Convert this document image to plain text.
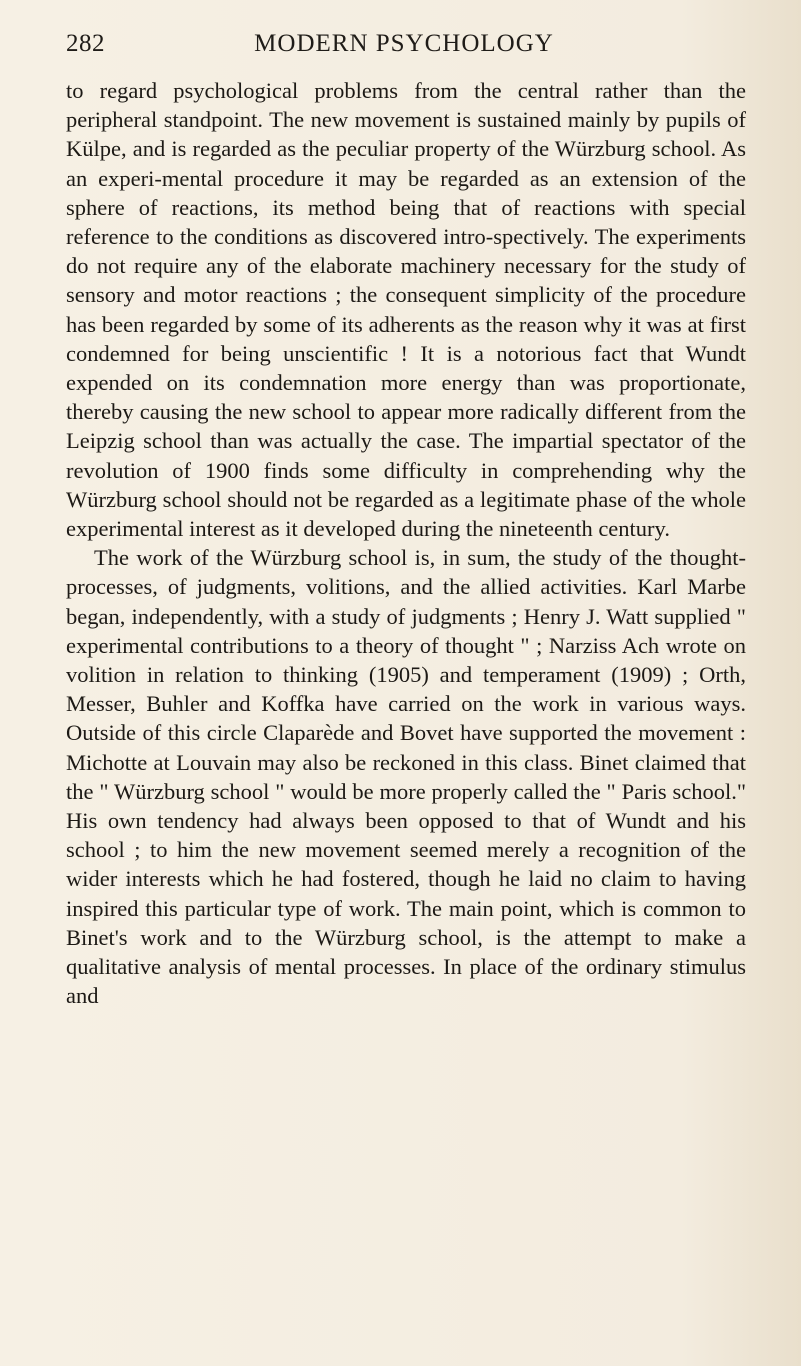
282	MODERN PSYCHOLOGY

to regard psychological problems from the central rather than the peripheral standpoint. The new movement is sustained mainly by pupils of Külpe, and is regarded as the peculiar property of the Würzburg school. As an experi-mental procedure it may be regarded as an extension of the sphere of reactions, its method being that of reactions with special reference to the conditions as discovered intro-spectively. The experiments do not require any of the elaborate machinery necessary for the study of sensory and motor reactions ; the consequent simplicity of the procedure has been regarded by some of its adherents as the reason why it was at first condemned for being unscientific ! It is a notorious fact that Wundt expended on its condemnation more energy than was proportionate, thereby causing the new school to appear more radically different from the Leipzig school than was actually the case. The impartial spectator of the revolution of 1900 finds some difficulty in comprehending why the Würzburg school should not be regarded as a legitimate phase of the whole experimental interest as it developed during the nineteenth century.

The work of the Würzburg school is, in sum, the study of the thought-processes, of judgments, volitions, and the allied activities. Karl Marbe began, independently, with a study of judgments ; Henry J. Watt supplied " experimental contributions to a theory of thought " ; Narziss Ach wrote on volition in relation to thinking (1905) and temperament (1909) ; Orth, Messer, Buhler and Koffka have carried on the work in various ways. Outside of this circle Claparède and Bovet have supported the movement : Michotte at Louvain may also be reckoned in this class. Binet claimed that the " Würzburg school " would be more properly called the " Paris school." His own tendency had always been opposed to that of Wundt and his school ; to him the new movement seemed merely a recognition of the wider interests which he had fostered, though he laid no claim to having inspired this particular type of work. The main point, which is common to Binet's work and to the Würzburg school, is the attempt to make a qualitative analysis of mental processes. In place of the ordinary stimulus and
